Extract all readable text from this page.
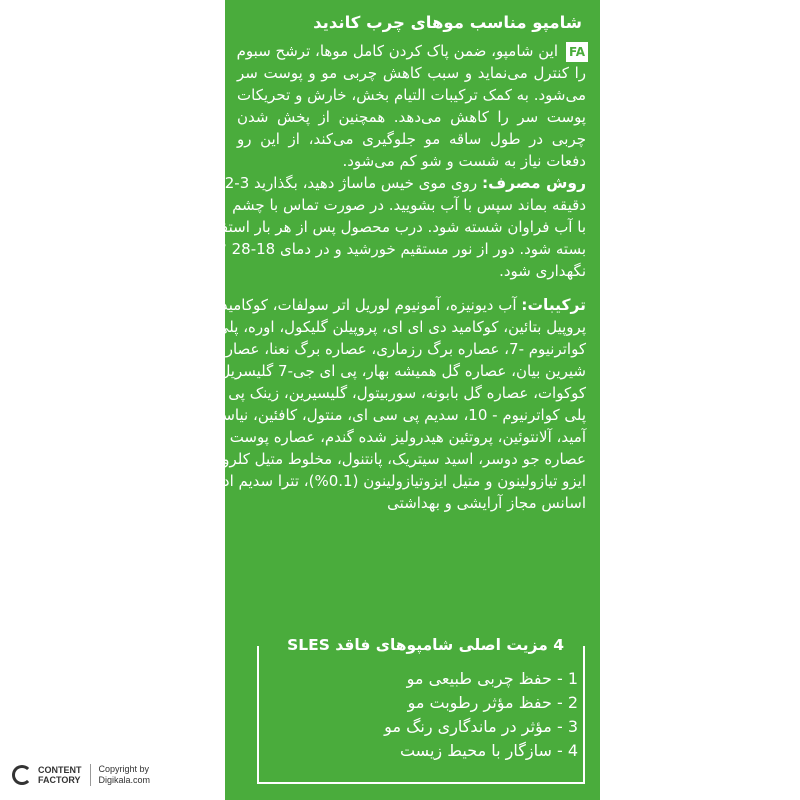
شامپو مناسب موهای چرب کاندید
FA
این شامپو، ضمن پاک کردن کامل موها، ترشح سبوم
را کنترل می‌نماید و سبب کاهش چربی مو و پوست سر
می‌شود. به کمک ترکیبات التیام بخش، خارش و تحریکات
پوست سر را کاهش می‌دهد. همچنین از پخش شدن
چربی در طول ساقه مو جلوگیری می‌کند، از این رو
دفعات نیاز به شست و شو کم می‌شود.
روش مصرف: روی موی خیس ماساژ دهید، بگذارید 3-2
دقیقه بماند سپس با آب بشویید. در صورت تماس با چشم
با آب فراوان شسته شود. درب محصول پس از هر بار استفاده
بسته شود. دور از نور مستقیم خورشید و در دمای C° 28-18
نگهداری شود.
ترکیبات: آب دیونیزه، آمونیوم لوریل اتر سولفات، کوکامیدو
پروپیل بتائین، کوکامید دی ای ای، پروپیلن گلیکول، اوره، پلی
کواترنیوم -7، عصاره برگ رزماری، عصاره برگ نعنا، عصاره ریشه
شیرین بیان، عصاره گل همیشه بهار، پی ای جی-7 گلیسریل
کوکوات، عصاره گل بابونه، سوربیتول، گلیسیرین، زینک پی سی ای،
پلی کواترنیوم - 10، سدیم پی سی ای، منتول، کافئین، نیاسین
آمید، آلانتوئین، پروتئین هیدرولیز شده گندم، عصاره پوست انار،
عصاره جو دوسر، اسید سیتریک، پانتنول، مخلوط متیل کلرو
ایزو تیازولینون و متیل ایزوتیازولینون (0.1%)، تترا سدیم اد.ت.ا،
اسانس مجاز آرایشی و بهداشتی
4 مزیت اصلی شامپوهای فاقد SLES
1 - حفظ چربی طبیعی مو
2 - حفظ مؤثر رطوبت مو
3 - مؤثر در ماندگاری رنگ مو
4 - سازگار با محیط زیست
CONTENT
FACTORY
Copyright by
Digikala.com
